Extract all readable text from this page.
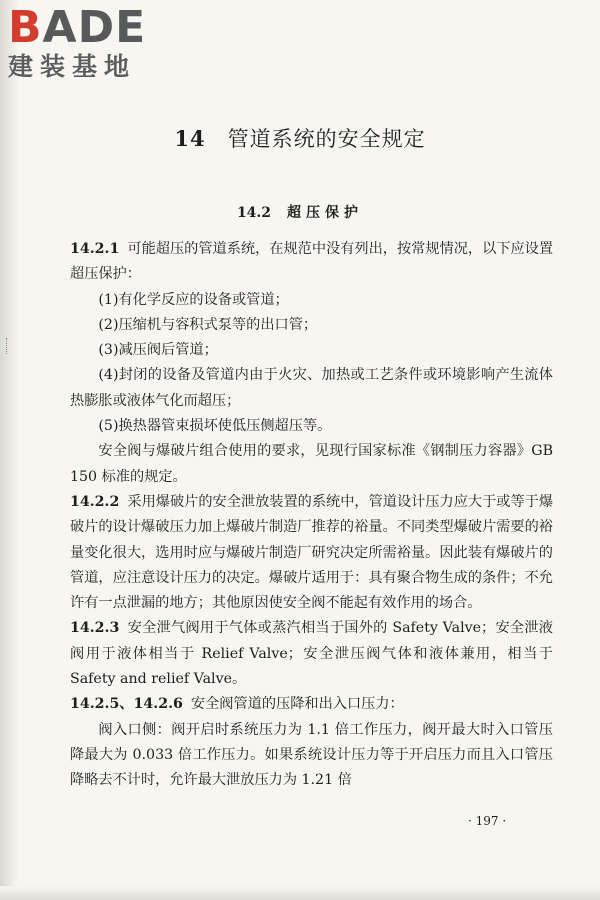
BADE
建装基地
14 管道系统的安全规定
14.2 超压保护

14.2.1 可能超压的管道系统，在规范中没有列出，按常规情况，以下应设置超压保护：

(1)有化学反应的设备或管道；

(2)压缩机与容积式泵等的出口管；

(3)减压阀后管道；

(4)封闭的设备及管道内由于火灾、加热或工艺条件或环境影响产生流体热膨胀或液体气化而超压；

(5)换热器管束损坏使低压侧超压等。

安全阀与爆破片组合使用的要求，见现行国家标准《钢制压力容器》GB 150 标准的规定。

14.2.2 采用爆破片的安全泄放装置的系统中，管道设计压力应大于或等于爆破片的设计爆破压力加上爆破片制造厂推荐的裕量。不同类型爆破片需要的裕量变化很大，选用时应与爆破片制造厂研究决定所需裕量。因此装有爆破片的管道，应注意设计压力的决定。爆破片适用于：具有聚合物生成的条件；不允许有一点泄漏的地方；其他原因使安全阀不能起有效作用的场合。

14.2.3 安全泄气阀用于气体或蒸汽相当于国外的 Safety Valve；安全泄液阀用于液体相当于 Relief Valve；安全泄压阀气体和液体兼用，相当于 Safety and relief Valve。

14.2.5、14.2.6 安全阀管道的压降和出入口压力：

阀入口侧：阀开启时系统压力为 1.1 倍工作压力，阀开最大时入口管压降最大为 0.033 倍工作压力。如果系统设计压力等于开启压力而且入口管压降略去不计时，允许最大泄放压力为 1.21 倍

· 197 ·
